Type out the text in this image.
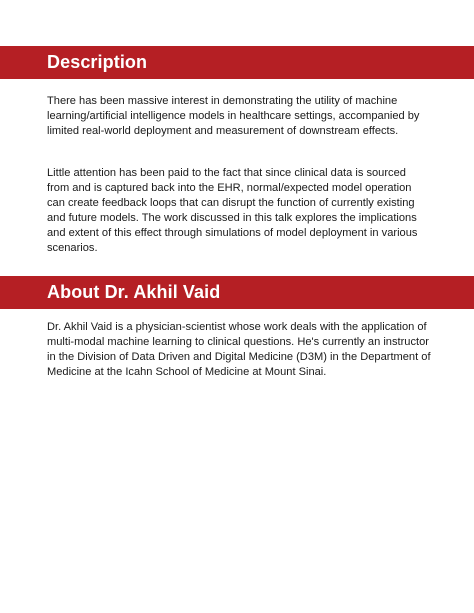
Description

There has been massive interest in demonstrating the utility of machine learning/artificial intelligence models in healthcare settings, accompanied by limited real-world deployment and measurement of downstream effects.

Little attention has been paid to the fact that since clinical data is sourced from and is captured back into the EHR, normal/expected model operation can create feedback loops that can disrupt the function of currently existing and future models. The work discussed in this talk explores the implications and extent of this effect through simulations of model deployment in various scenarios.

About Dr. Akhil Vaid

Dr. Akhil Vaid is a physician-scientist whose work deals with the application of multi-modal machine learning to clinical questions. He's currently an instructor in the Division of Data Driven and Digital Medicine (D3M) in the Department of Medicine at the Icahn School of Medicine at Mount Sinai.
